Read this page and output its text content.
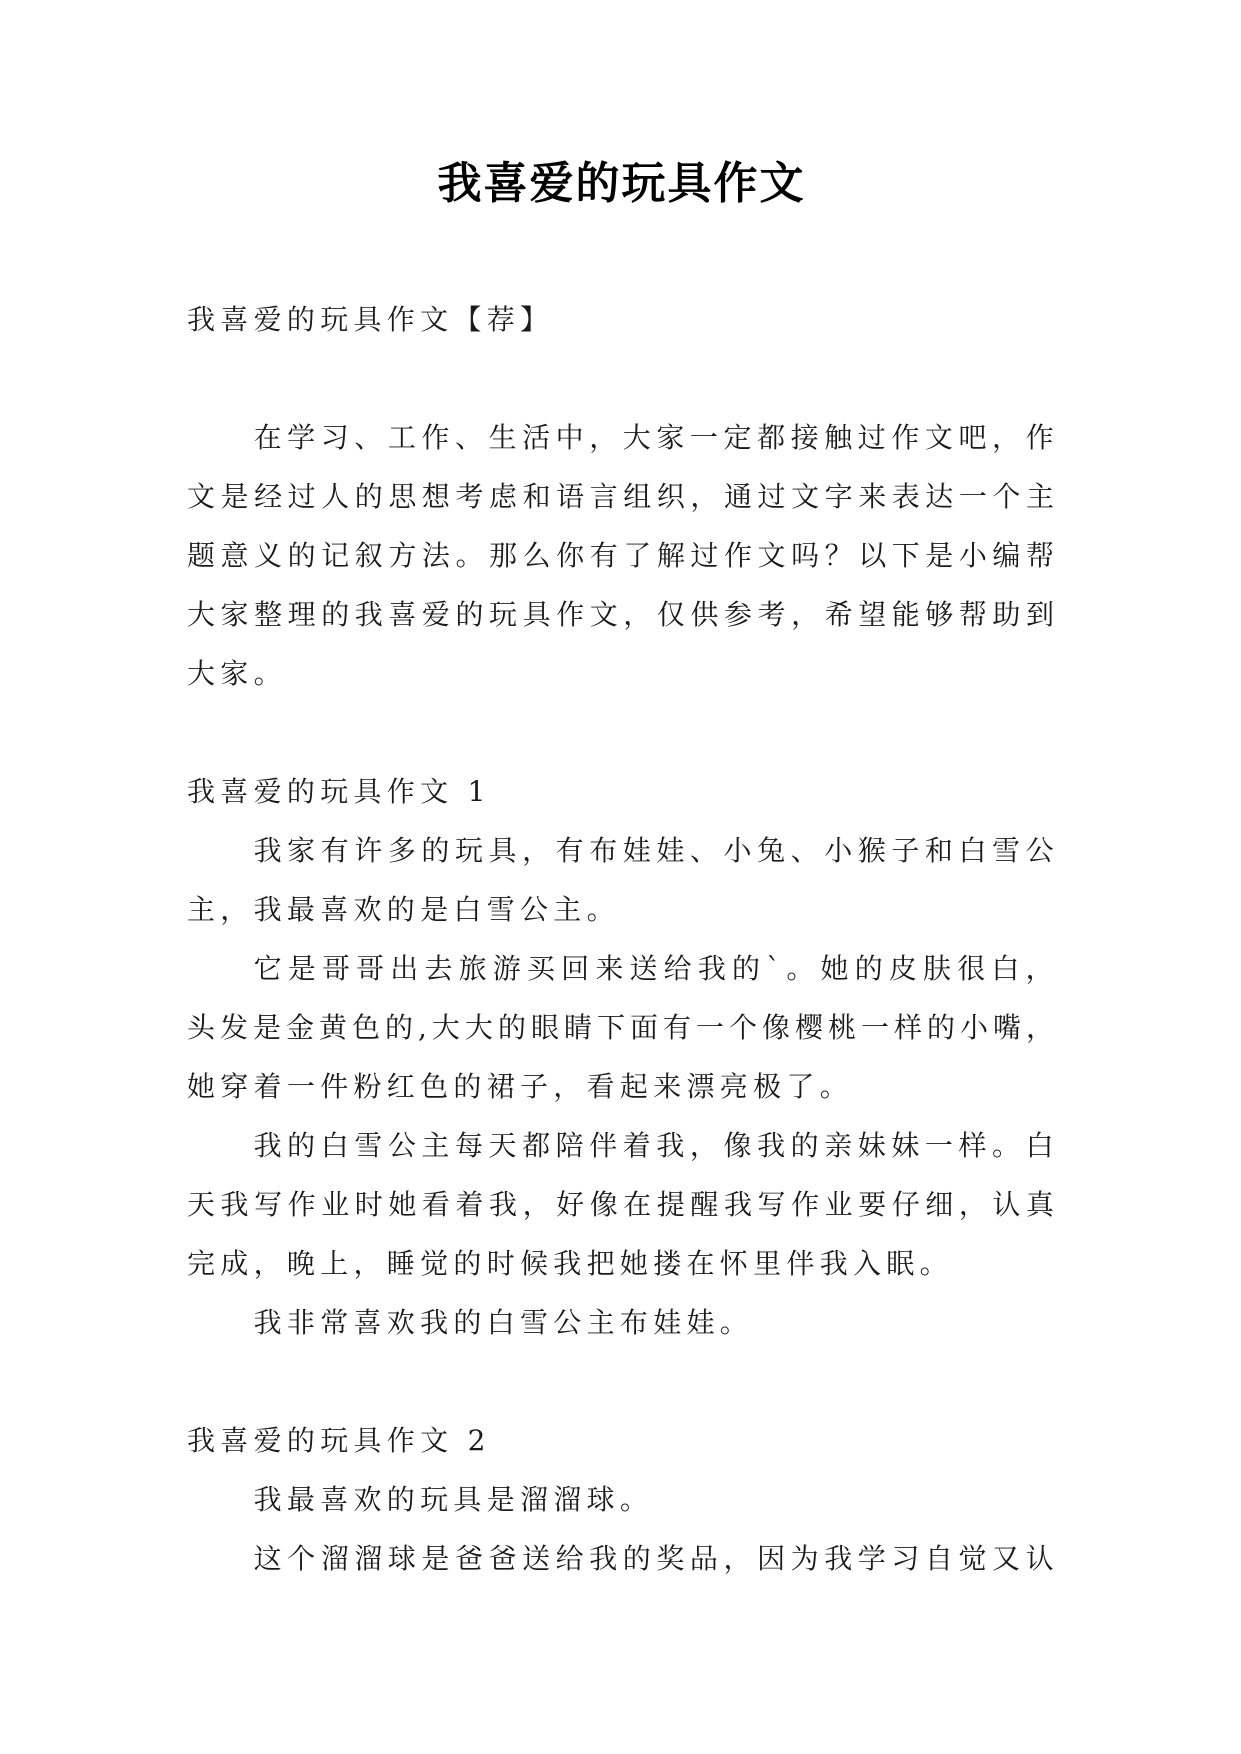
我喜爱的玩具作文
我喜爱的玩具作文【荐】
在学习、工作、生活中，大家一定都接触过作文吧，作
文是经过人的思想考虑和语言组织，通过文字来表达一个主
题意义的记叙方法。那么你有了解过作文吗？以下是小编帮
大家整理的我喜爱的玩具作文，仅供参考，希望能够帮助到
大家。
我喜爱的玩具作文 1
我家有许多的玩具，有布娃娃、小兔、小猴子和白雪公
主，我最喜欢的是白雪公主。
它是哥哥出去旅游买回来送给我的`。她的皮肤很白，
头发是金黄色的,大大的眼睛下面有一个像樱桃一样的小嘴，
她穿着一件粉红色的裙子，看起来漂亮极了。
我的白雪公主每天都陪伴着我，像我的亲妹妹一样。白
天我写作业时她看着我，好像在提醒我写作业要仔细，认真
完成，晚上，睡觉的时候我把她搂在怀里伴我入眠。
我非常喜欢我的白雪公主布娃娃。
我喜爱的玩具作文 2
我最喜欢的玩具是溜溜球。
这个溜溜球是爸爸送给我的奖品，因为我学习自觉又认
